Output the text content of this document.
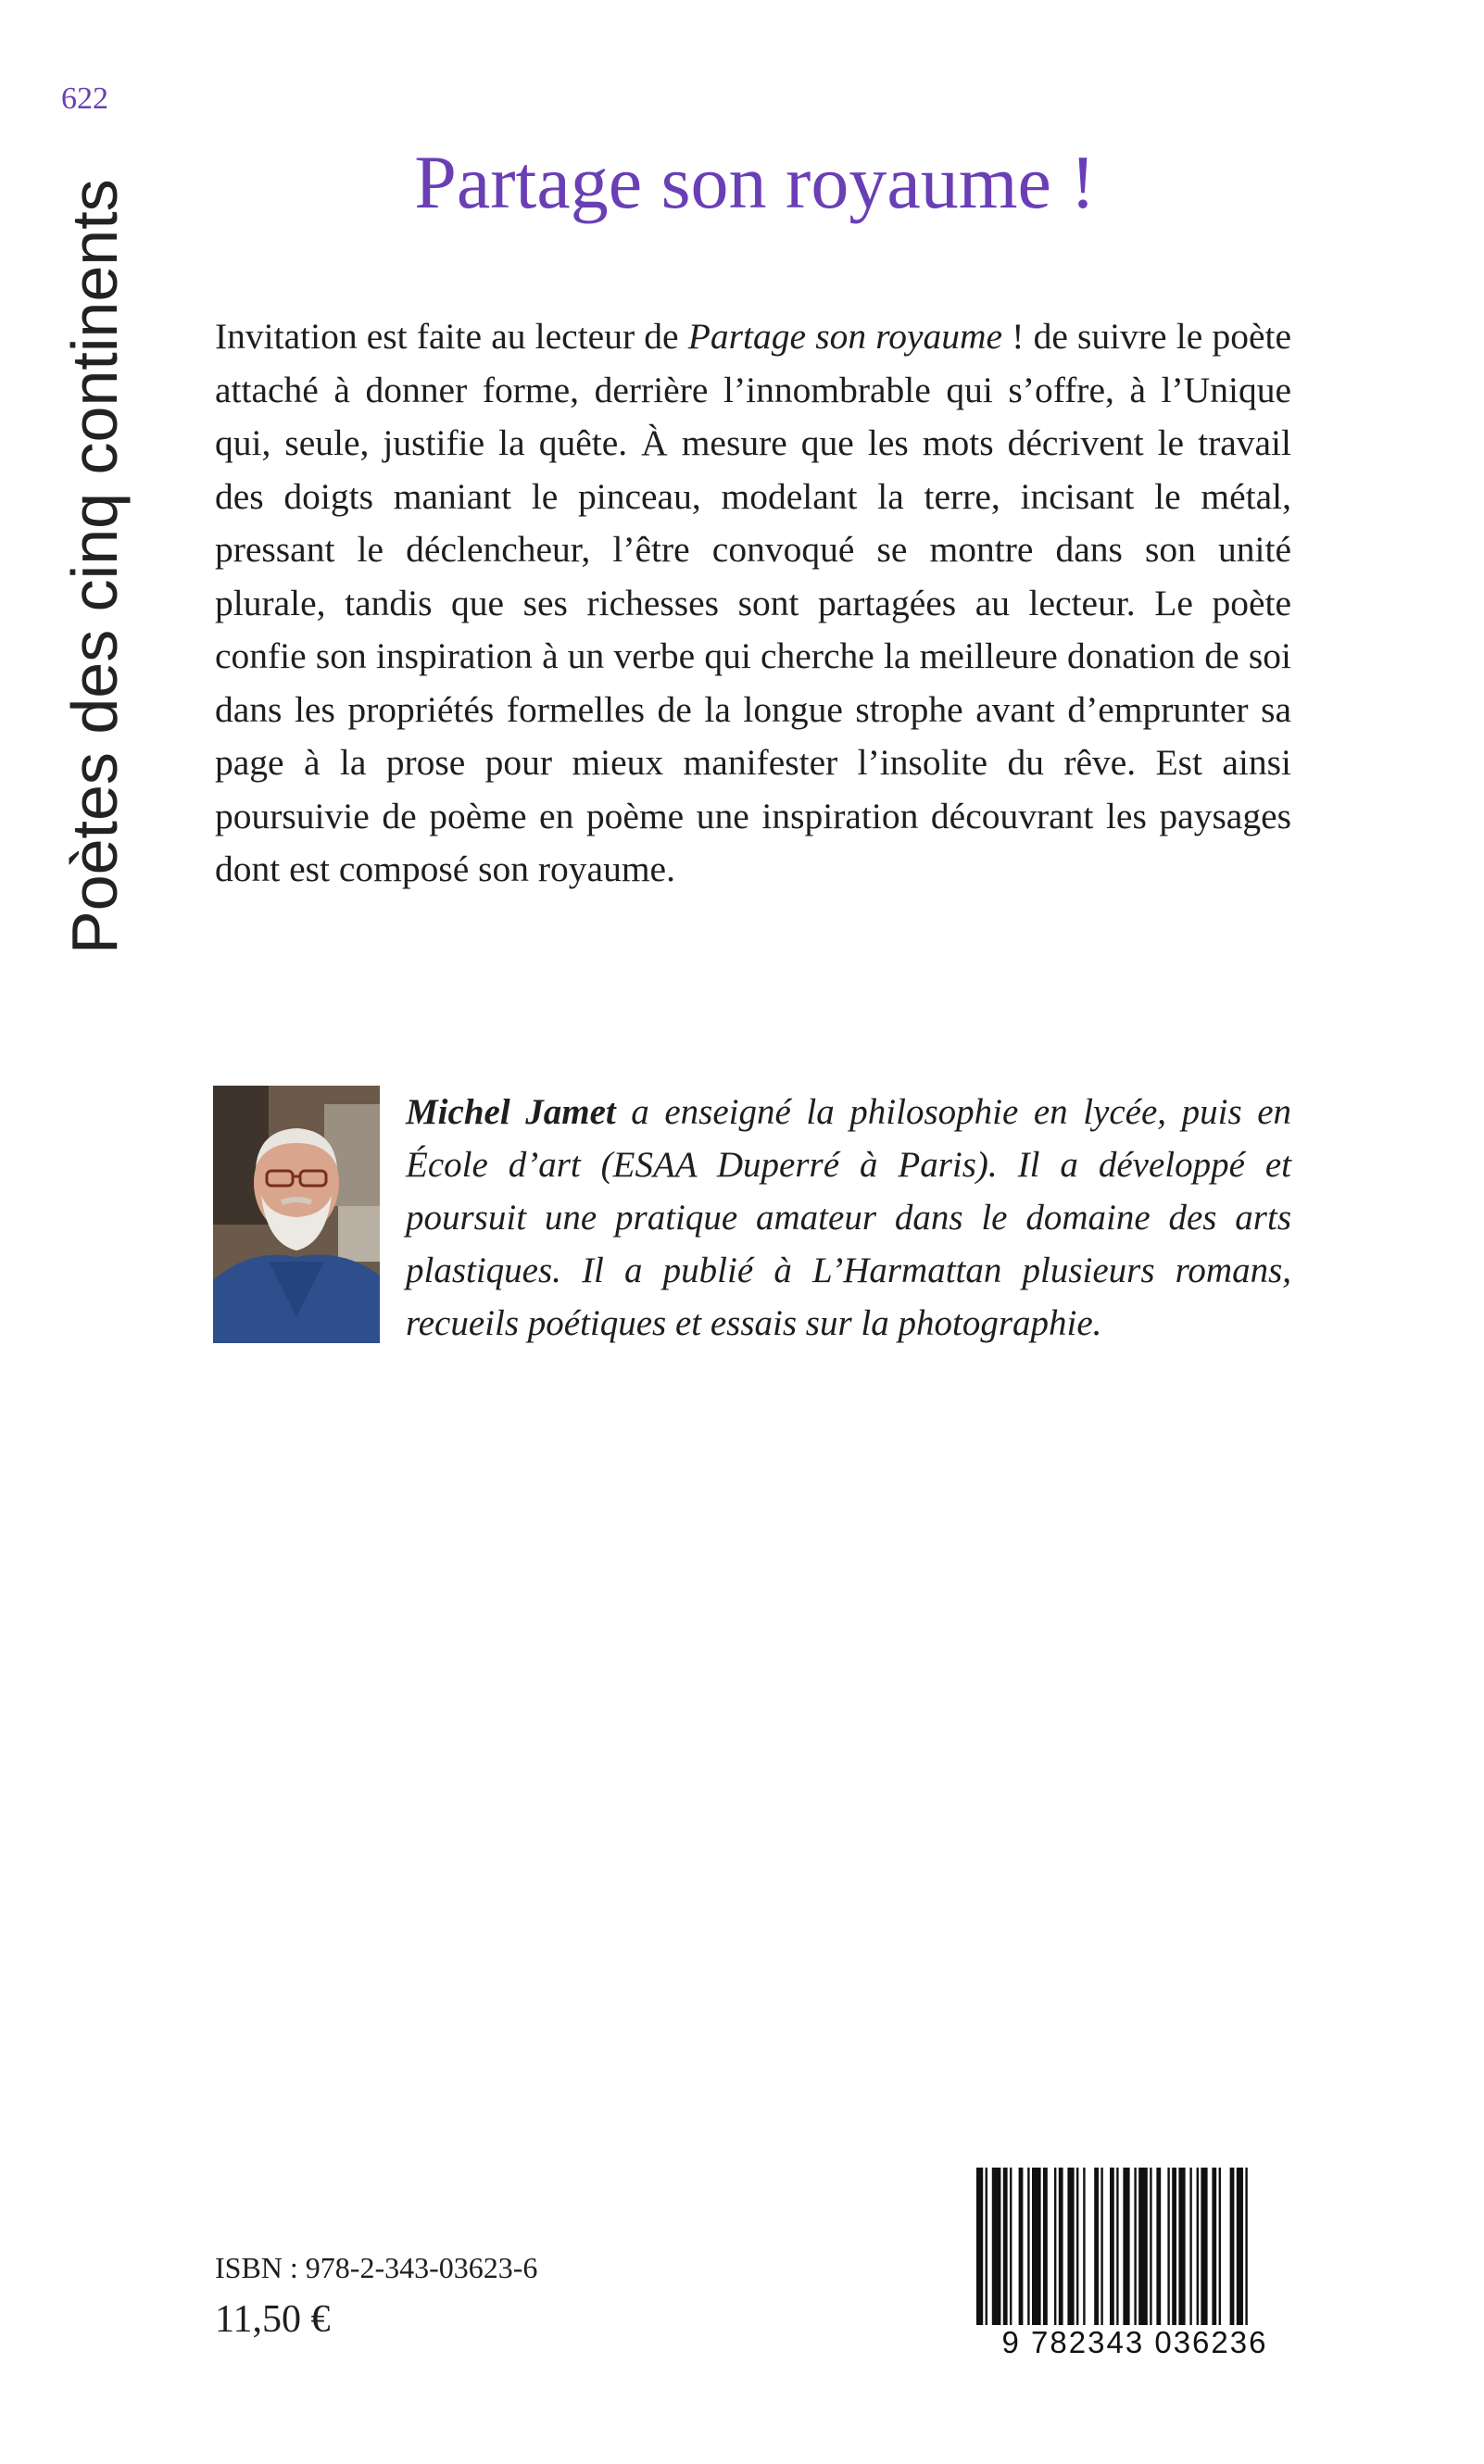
622
Poètes des cinq continents	Partage son royaume !
Invitation est faite au lecteur de Partage son royaume ! de suivre le poète attaché à donner forme, derrière l’innombrable qui s’offre, à l’Unique qui, seule, justifie la quête. À mesure que les mots décrivent le travail des doigts maniant le pinceau, modelant la terre, incisant le métal, pressant le déclencheur, l’être convoqué se montre dans son unité plurale, tandis que ses richesses sont partagées au lecteur. Le poète confie son inspiration à un verbe qui cherche la meilleure donation de soi dans les propriétés formelles de la longue strophe avant d’emprunter sa page à la prose pour mieux manifester l’insolite du rêve. Est ainsi poursuivie de poème en poème une inspiration découvrant les paysages dont est composé son royaume.
Michel Jamet a enseigné la philosophie en lycée, puis en École d’art (ESAA Duperré à Paris). Il a développé et poursuit une pratique amateur dans le domaine des arts plastiques. Il a publié à L’Harmattan plusieurs romans, recueils poétiques et essais sur la photographie.
ISBN : 978-2-343-03623-6
11,50 €
9 782343 036236
